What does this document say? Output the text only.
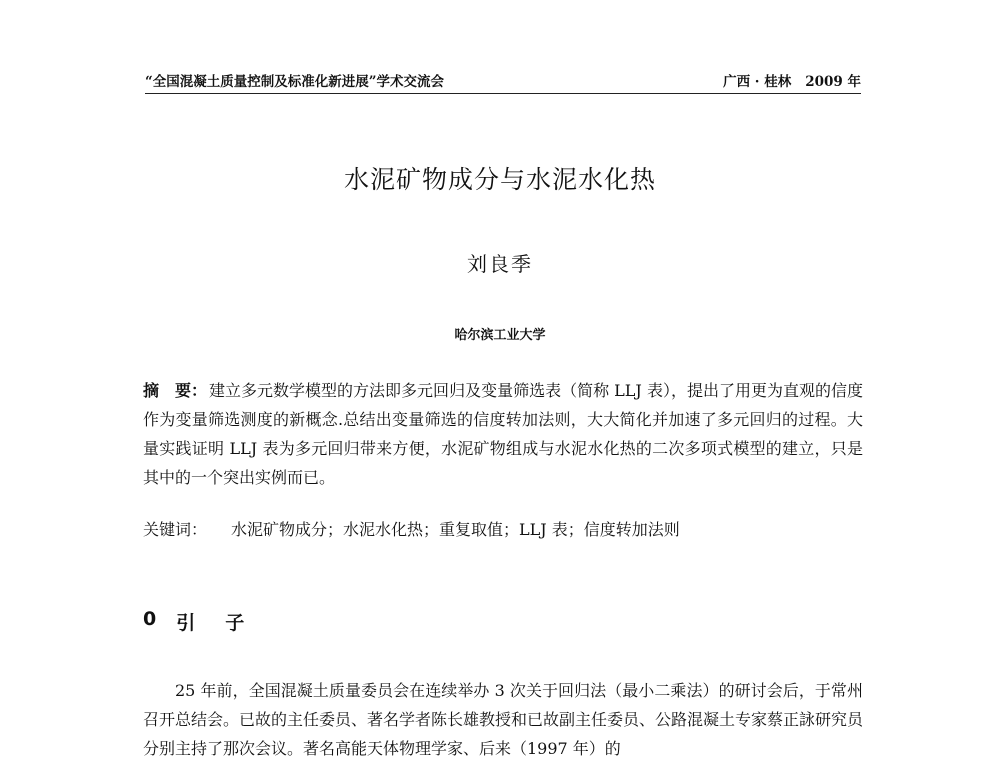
“全国混凝土质量控制及标准化新进展”学术交流会	广西 · 桂林 2009 年
水泥矿物成分与水泥水化热
刘良季
哈尔滨工业大学
摘　要： 建立多元数学模型的方法即多元回归及变量筛选表（简称 LLJ 表），提出了用更为直观的信度作为变量筛选测度的新概念.总结出变量筛选的信度转加法则，大大简化并加速了多元回归的过程。大量实践证明 LLJ 表为多元回归带来方便，水泥矿物组成与水泥水化热的二次多项式模型的建立，只是其中的一个突出实例而已。
关键词：	水泥矿物成分；水泥水化热；重复取值；LLJ 表；信度转加法则
0 引子
25 年前，全国混凝土质量委员会在连续举办 3 次关于回归法（最小二乘法）的研讨会后，于常州召开总结会。已故的主任委员、著名学者陈长雄教授和已故副主任委员、公路混凝土专家蔡正詠研究员分别主持了那次会议。著名高能天体物理学家、后来（1997 年）的
